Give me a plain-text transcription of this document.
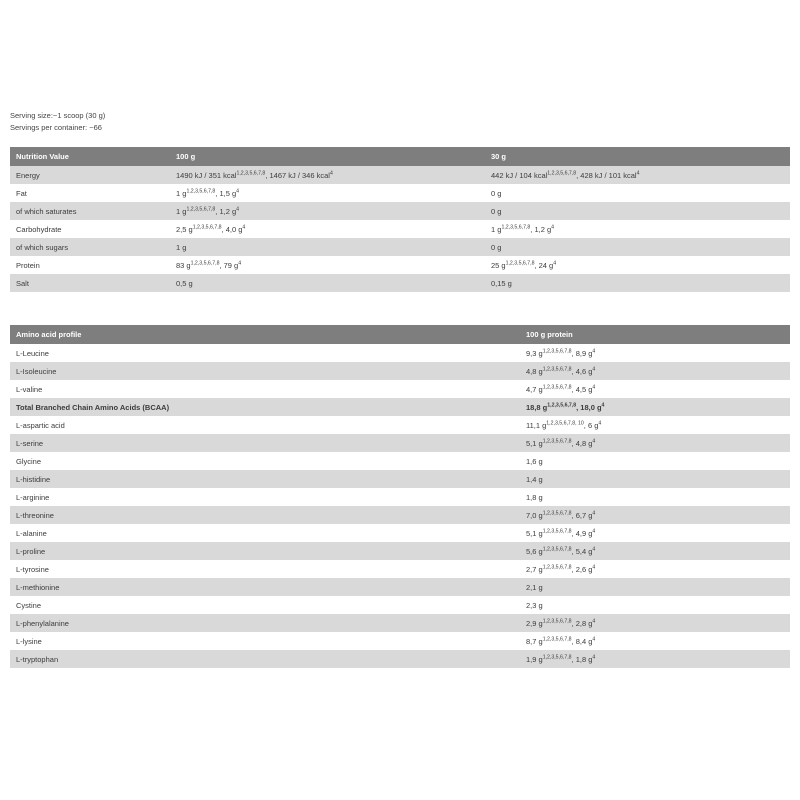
Serving size:~1 scoop (30 g)
Servings per container: ~66
Nutrition Value	100 g	30 g
Energy	1490 kJ / 351 kcal$^{1,2,3,5,6,7,8}$, 1467 kJ / 346 kcal$^4$	442 kJ / 104 kcal$^{1,2,3,5,6,7,8}$, 428 kJ / 101 kcal$^4$
Fat	1 $g^{1,2,3,5,6,7,8}$, 1,5 $g^4$	0 g
of which saturates	1 $g^{1,2,3,5,6,7,8}$, 1,2 $g^4$	0 g
Carbohydrate	2,5 $g^{1,2,3,5,6,7,8}$, 4,0 $g^4$	1 $g^{1,2,3,5,6,7,8}$, 1,2 $g^4$
of which sugars	1 g	0 g
Protein	83 $g^{1,2,3,5,6,7,8}$, 79 $g^4$	25 $g^{1,2,3,5,6,7,8}$, 24 $g^4$
Salt	0,5 g	0,15 g
Amino acid profile	100 g protein
L-Leucine	9,3 $g^{1,2,3,5,6,7,8}$, 8,9 $g^4$
L-Isoleucine	4,8 $g^{1,2,3,5,6,7,8}$, 4,6 $g^4$
L-valine	4,7 $g^{1,2,3,5,6,7,8}$, 4,5 $g^4$
Total Branched Chain Amino Acids (BCAA)	18,8 $g^{1,2,3,5,6,7,8}$, 18,0 $g^4$
L-aspartic acid	11,1 $g^{1,2,3,5,6,7,8, 10}$, 6 $g^4$
L-serine	5,1 $g^{1,2,3,5,6,7,8}$, 4,8 $g^4$
Glycine	1,6 g
L-histidine	1,4 g
L-arginine	1,8 g
L-threonine	7,0 $g^{1,2,3,5,6,7,8}$, 6,7 $g^4$
L-alanine	5,1 $g^{1,2,3,5,6,7,8}$, 4,9 $g^4$
L-proline	5,6 $g^{1,2,3,5,6,7,8}$, 5,4 $g^4$
L-tyrosine	2,7 $g^{1,2,3,5,6,7,8}$, 2,6 $g^4$
L-methionine	2,1 g
Cystine	2,3 g
L-phenylalanine	2,9 $g^{1,2,3,5,6,7,8}$, 2,8 $g^4$
L-lysine	8,7 $g^{1,2,3,5,6,7,8}$, 8,4 $g^4$
L-tryptophan	1,9 $g^{1,2,3,5,6,7,8}$, 1,8 $g^4$
